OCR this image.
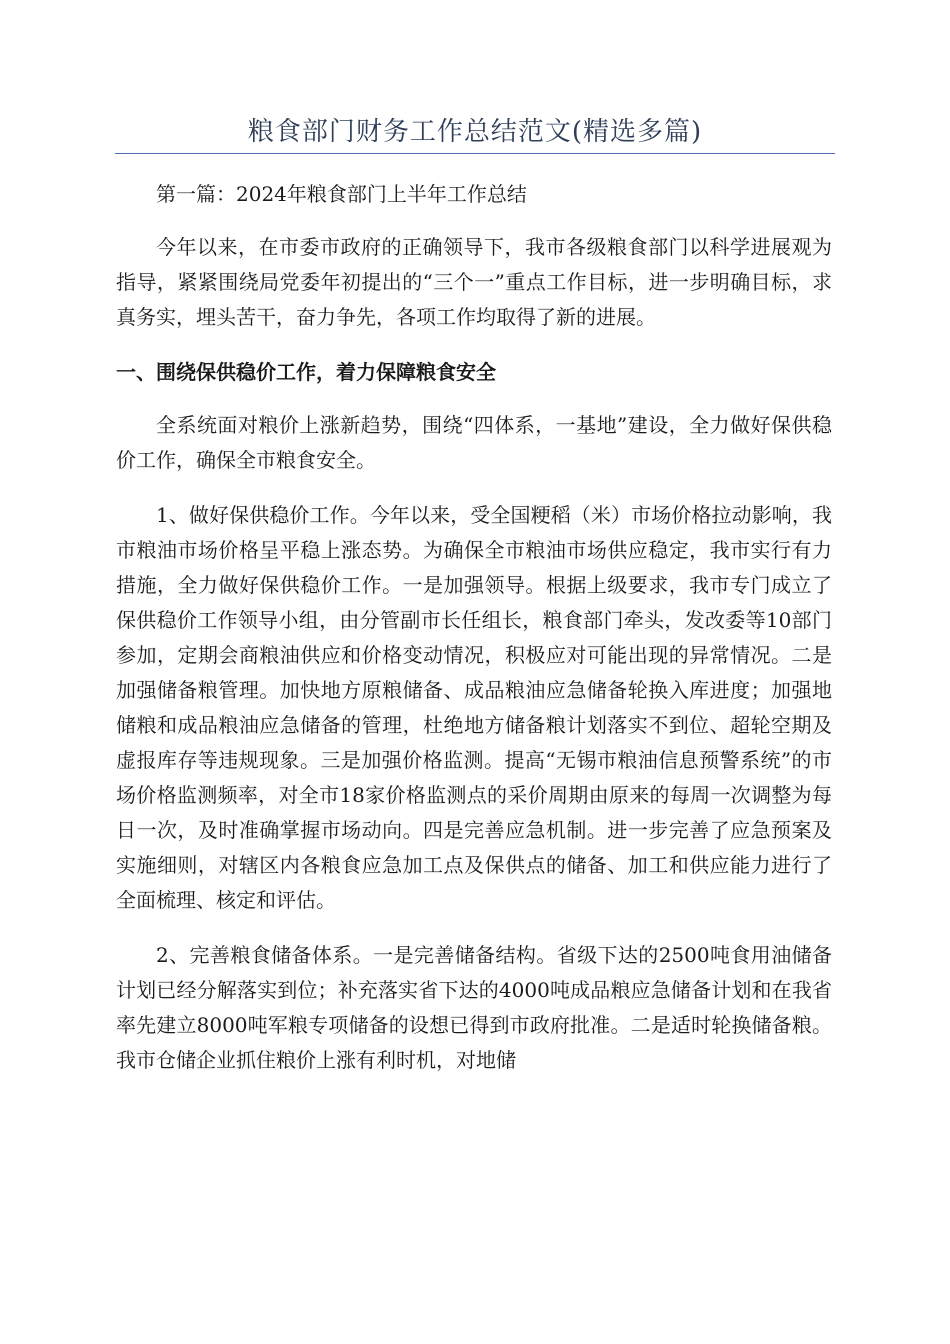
粮食部门财务工作总结范文(精选多篇)

第一篇：2024年粮食部门上半年工作总结

今年以来，在市委市政府的正确领导下，我市各级粮食部门以科学进展观为指导，紧紧围绕局党委年初提出的“三个一”重点工作目标，进一步明确目标，求真务实，埋头苦干，奋力争先，各项工作均取得了新的进展。

一、围绕保供稳价工作，着力保障粮食安全

全系统面对粮价上涨新趋势，围绕“四体系，一基地”建设，全力做好保供稳价工作，确保全市粮食安全。

1、做好保供稳价工作。今年以来，受全国粳稻（米）市场价格拉动影响，我市粮油市场价格呈平稳上涨态势。为确保全市粮油市场供应稳定，我市实行有力措施，全力做好保供稳价工作。一是加强领导。根据上级要求，我市专门成立了保供稳价工作领导小组，由分管副市长任组长，粮食部门牵头，发改委等10部门参加，定期会商粮油供应和价格变动情况，积极应对可能出现的异常情况。二是加强储备粮管理。加快地方原粮储备、成品粮油应急储备轮换入库进度；加强地储粮和成品粮油应急储备的管理，杜绝地方储备粮计划落实不到位、超轮空期及虚报库存等违规现象。三是加强价格监测。提高“无锡市粮油信息预警系统”的市场价格监测频率，对全市18家价格监测点的采价周期由原来的每周一次调整为每日一次，及时准确掌握市场动向。四是完善应急机制。进一步完善了应急预案及实施细则，对辖区内各粮食应急加工点及保供点的储备、加工和供应能力进行了全面梳理、核定和评估。

2、完善粮食储备体系。一是完善储备结构。省级下达的2500吨食用油储备计划已经分解落实到位；补充落实省下达的4000吨成品粮应急储备计划和在我省率先建立8000吨军粮专项储备的设想已得到市政府批准。二是适时轮换储备粮。我市仓储企业抓住粮价上涨有利时机，对地储
